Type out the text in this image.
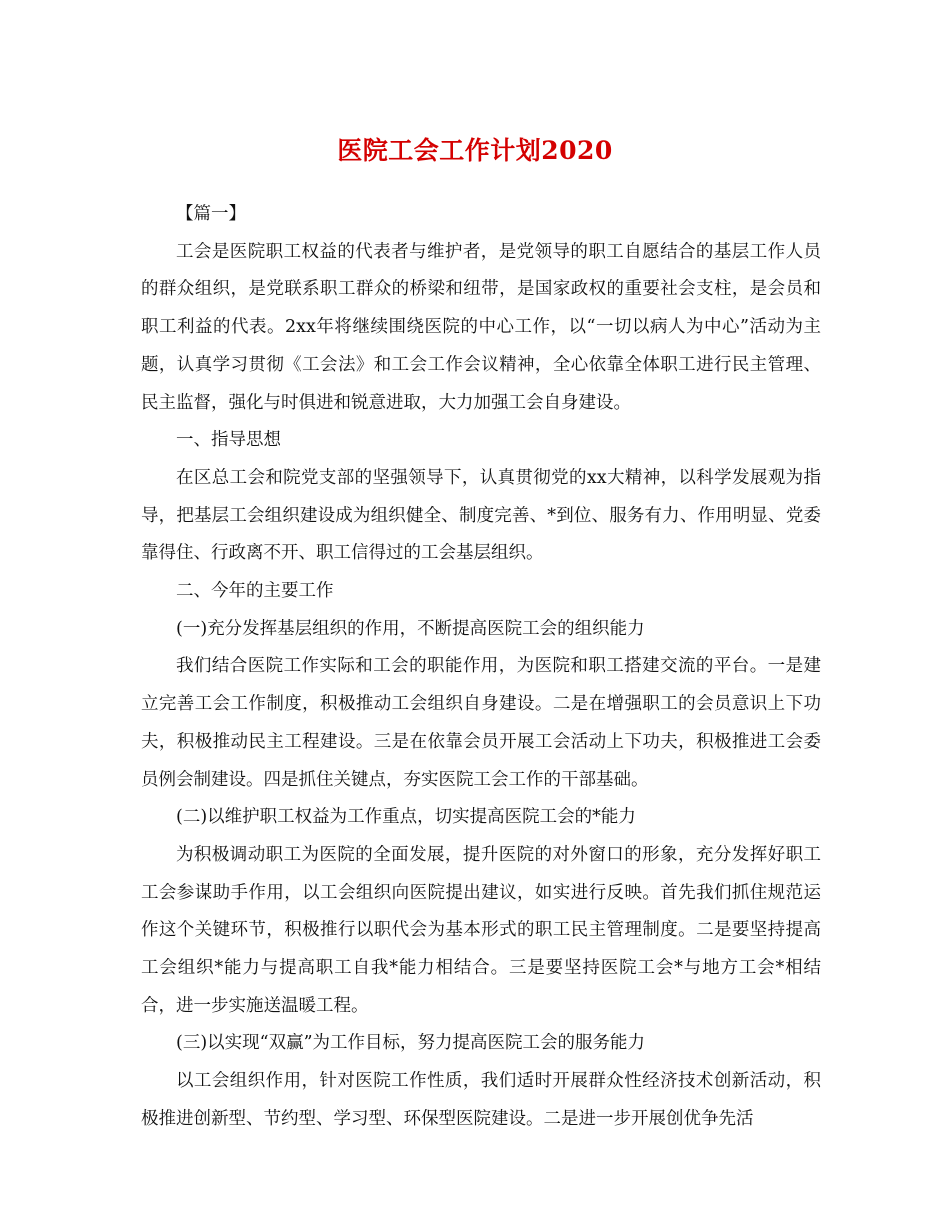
医院工会工作计划2020

【篇一】

工会是医院职工权益的代表者与维护者，是党领导的职工自愿结合的基层工作人员的群众组织，是党联系职工群众的桥梁和纽带，是国家政权的重要社会支柱，是会员和职工利益的代表。2xx年将继续围绕医院的中心工作，以“一切以病人为中心”活动为主题，认真学习贯彻《工会法》和工会工作会议精神，全心依靠全体职工进行民主管理、民主监督，强化与时俱进和锐意进取，大力加强工会自身建设。

一、指导思想

在区总工会和院党支部的坚强领导下，认真贯彻党的xx大精神，以科学发展观为指导，把基层工会组织建设成为组织健全、制度完善、*到位、服务有力、作用明显、党委靠得住、行政离不开、职工信得过的工会基层组织。

二、今年的主要工作

(一)充分发挥基层组织的作用，不断提高医院工会的组织能力

我们结合医院工作实际和工会的职能作用，为医院和职工搭建交流的平台。一是建立完善工会工作制度，积极推动工会组织自身建设。二是在增强职工的会员意识上下功夫，积极推动民主工程建设。三是在依靠会员开展工会活动上下功夫，积极推进工会委员例会制建设。四是抓住关键点，夯实医院工会工作的干部基础。

(二)以维护职工权益为工作重点，切实提高医院工会的*能力

为积极调动职工为医院的全面发展，提升医院的对外窗口的形象，充分发挥好职工工会参谋助手作用，以工会组织向医院提出建议，如实进行反映。首先我们抓住规范运作这个关键环节，积极推行以职代会为基本形式的职工民主管理制度。二是要坚持提高工会组织*能力与提高职工自我*能力相结合。三是要坚持医院工会*与地方工会*相结合，进一步实施送温暖工程。

(三)以实现“双赢”为工作目标，努力提高医院工会的服务能力

以工会组织作用，针对医院工作性质，我们适时开展群众性经济技术创新活动，积极推进创新型、节约型、学习型、环保型医院建设。二是进一步开展创优争先活
